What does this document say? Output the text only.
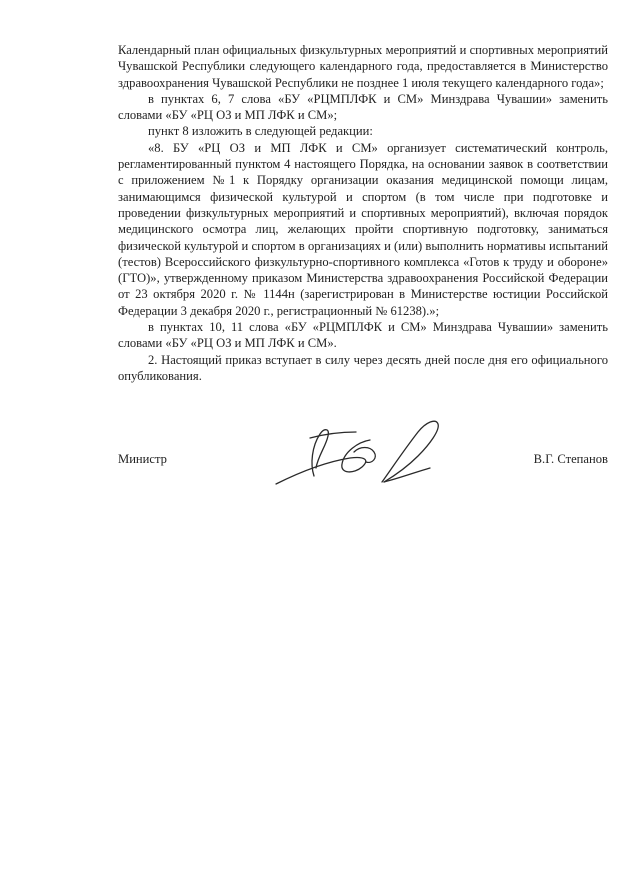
Календарный план официальных физкультурных мероприятий и спортивных мероприятий Чувашской Республики следующего календарного года, предоставляется в Министерство здравоохранения Чувашской Республики не позднее 1 июля текущего календарного года»;

в пунктах 6, 7 слова «БУ «РЦМПЛФК и СМ» Минздрава Чувашии» заменить словами «БУ «РЦ ОЗ и МП ЛФК и СМ»;

пункт 8 изложить в следующей редакции:

«8. БУ «РЦ ОЗ и МП ЛФК и СМ» организует систематический контроль, регламентированный пунктом 4 настоящего Порядка, на основании заявок в соответствии с приложением №1 к Порядку организации оказания медицинской помощи лицам, занимающимся физической культурой и спортом (в том числе при подготовке и проведении физкультурных мероприятий и спортивных мероприятий), включая порядок медицинского осмотра лиц, желающих пройти спортивную подготовку, заниматься физической культурой и спортом в организациях и (или) выполнить нормативы испытаний (тестов) Всероссийского физкультурно-спортивного комплекса «Готов к труду и обороне» (ГТО)», утвержденному приказом Министерства здравоохранения Российской Федерации от 23 октября 2020 г. № 1144н (зарегистрирован в Министерстве юстиции Российской Федерации 3 декабря 2020 г., регистрационный № 61238).»;

в пунктах 10, 11 слова «БУ «РЦМПЛФК и СМ» Минздрава Чувашии» заменить словами «БУ «РЦ ОЗ и МП ЛФК и СМ».

2. Настоящий приказ вступает в силу через десять дней после дня его официального опубликования.

Министр	В.Г. Степанов
